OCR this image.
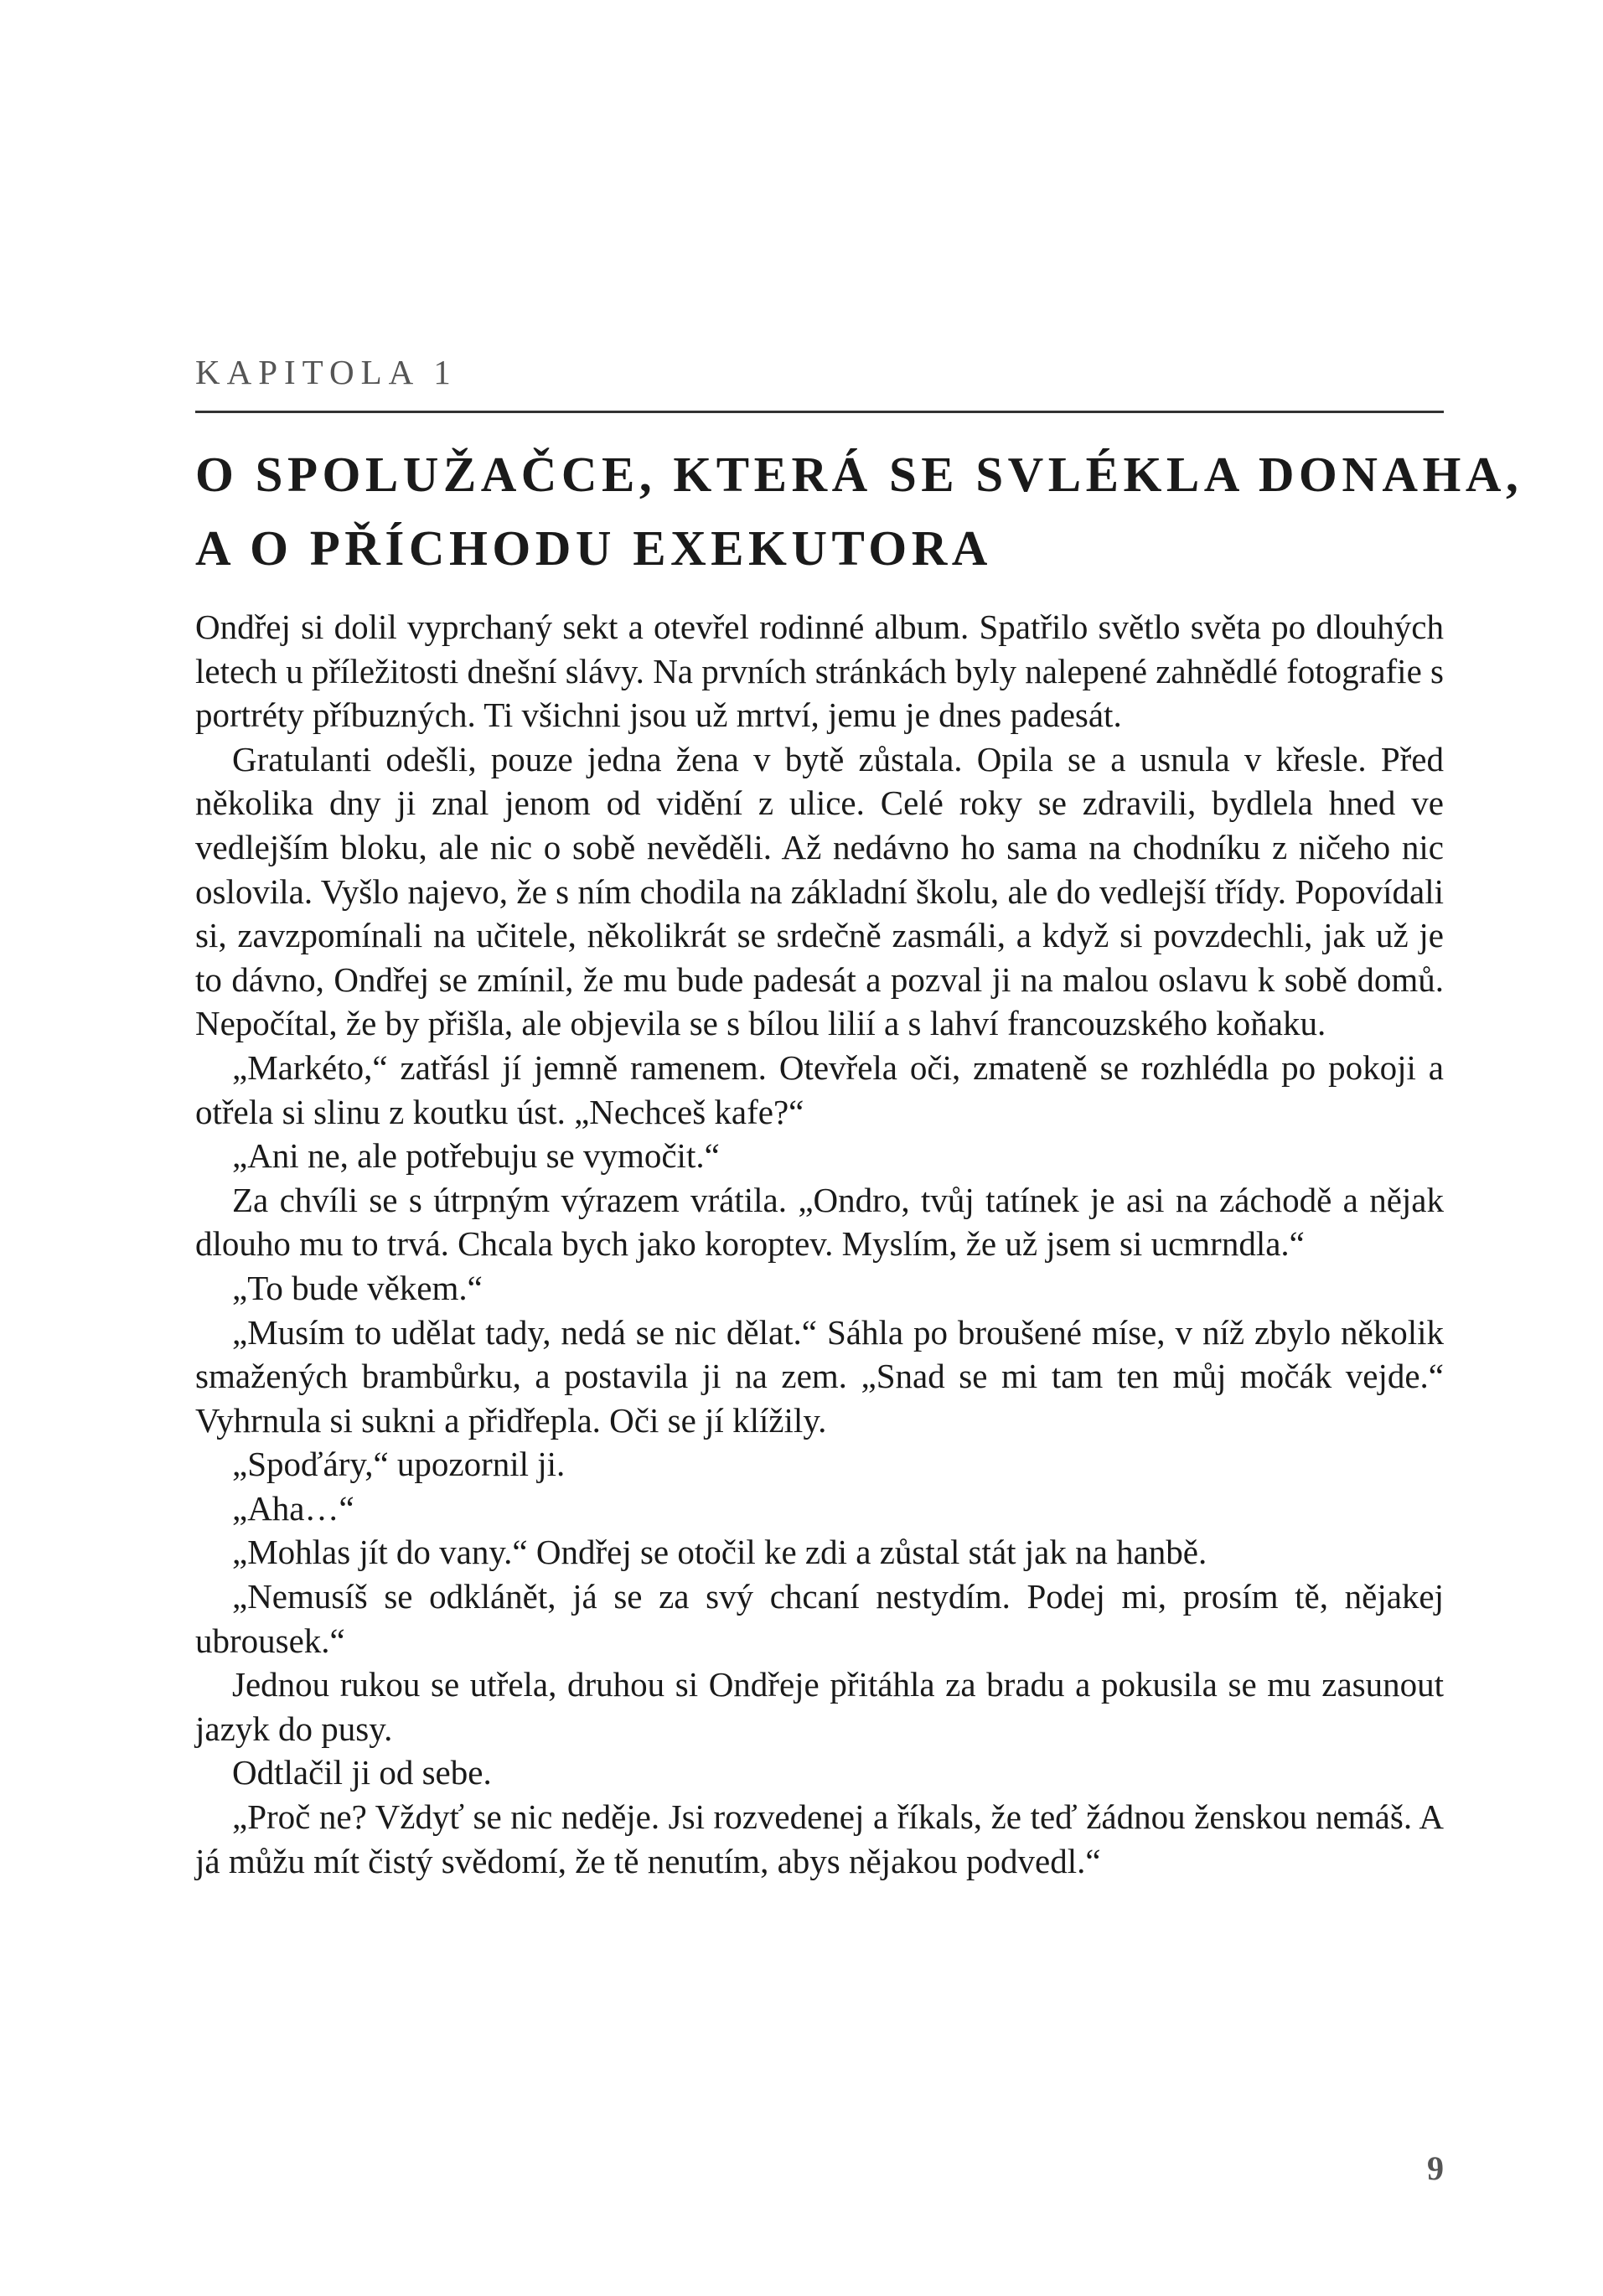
KAPITOLA 1
O SPOLUŽAČCE, KTERÁ SE SVLÉKLA DONAHA,
A O PŘÍCHODU EXEKUTORA

Ondřej si dolil vyprchaný sekt a otevřel rodinné album. Spatřilo světlo světa po dlouhých letech u příležitosti dnešní slávy. Na prvních stránkách byly nalepené zahnědlé fotografie s portréty příbuzných. Ti všichni jsou už mrtví, jemu je dnes padesát.

Gratulanti odešli, pouze jedna žena v bytě zůstala. Opila se a usnula v křesle. Před několika dny ji znal jenom od vidění z ulice. Celé roky se zdravili, bydlela hned ve vedlejším bloku, ale nic o sobě nevěděli. Až nedávno ho sama na chodníku z ničeho nic oslovila. Vyšlo najevo, že s ním chodila na základní školu, ale do vedlejší třídy. Popovídali si, zavzpomínali na učitele, několikrát se srdečně zasmáli, a když si povzdechli, jak už je to dávno, Ondřej se zmínil, že mu bude padesát a pozval ji na malou oslavu k sobě domů. Nepočítal, že by přišla, ale objevila se s bílou lilií a s lahví francouzského koňaku.

„Markéto,“ zatřásl jí jemně ramenem. Otevřela oči, zmateně se rozhlédla po pokoji a otřela si slinu z koutku úst. „Nechceš kafe?“

„Ani ne, ale potřebuju se vymočit.“

Za chvíli se s útrpným výrazem vrátila. „Ondro, tvůj tatínek je asi na záchodě a nějak dlouho mu to trvá. Chcala bych jako koroptev. Myslím, že už jsem si ucmrndla.“

„To bude věkem.“

„Musím to udělat tady, nedá se nic dělat.“ Sáhla po broušené míse, v níž zbylo několik smažených brambůrku, a postavila ji na zem. „Snad se mi tam ten můj močák vejde.“ Vyhrnula si sukni a přidřepla. Oči se jí klížily.

„Spoďáry,“ upozornil ji.

„Aha…“

„Mohlas jít do vany.“ Ondřej se otočil ke zdi a zůstal stát jak na hanbě.

„Nemusíš se odklánět, já se za svý chcaní nestydím. Podej mi, prosím tě, nějakej ubrousek.“

Jednou rukou se utřela, druhou si Ondřeje přitáhla za bradu a pokusila se mu zasunout jazyk do pusy.

Odtlačil ji od sebe.

„Proč ne? Vždyť se nic neděje. Jsi rozvedenej a říkals, že teď žádnou ženskou nemáš. A já můžu mít čistý svědomí, že tě nenutím, abys nějakou podvedl.“

9
